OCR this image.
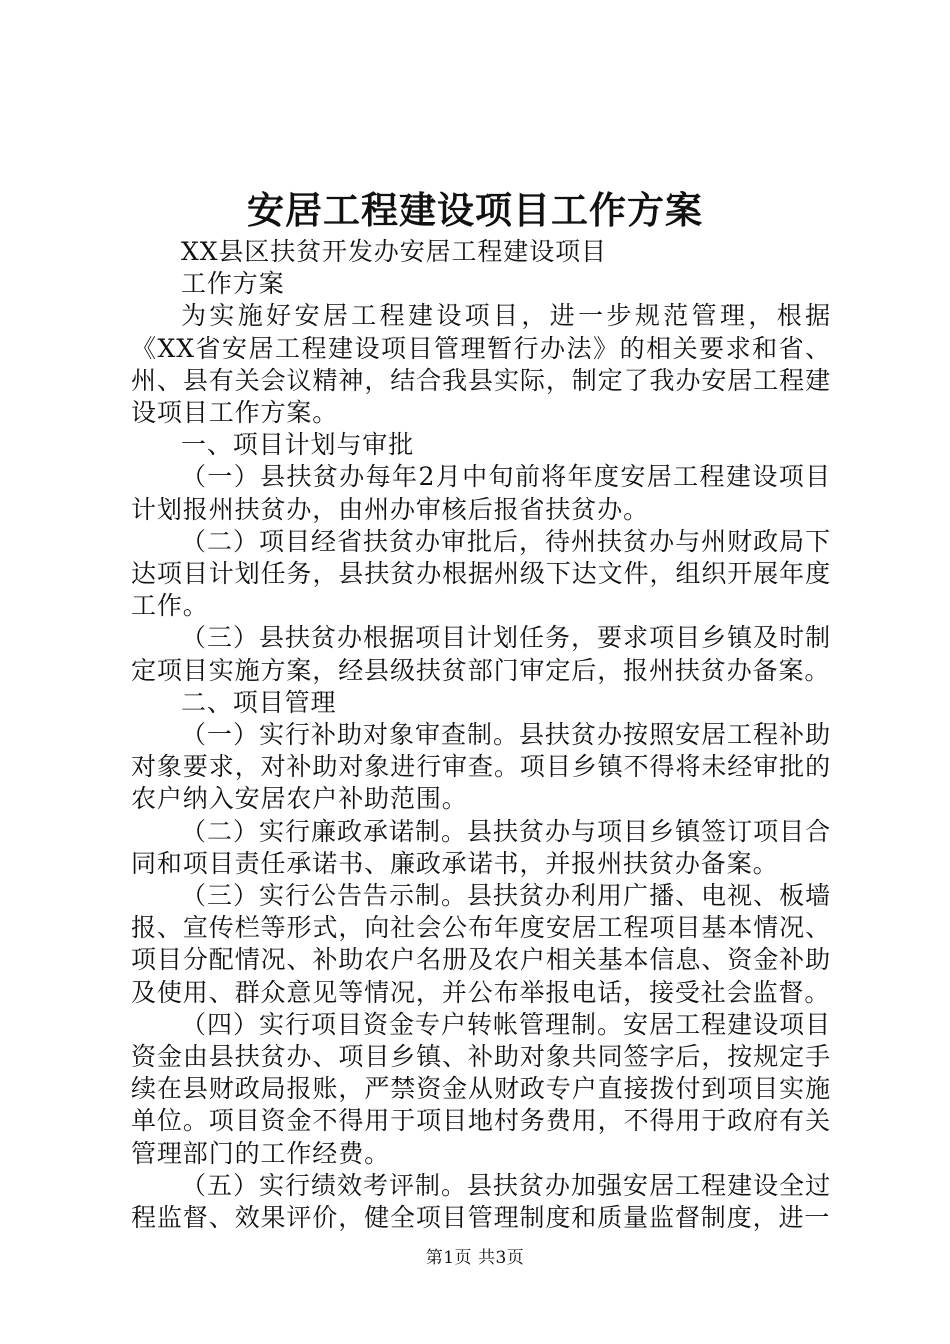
安居工程建设项目工作方案

XX县区扶贫开发办安居工程建设项目

工作方案

为实施好安居工程建设项目，进一步规范管理，根据《XX省安居工程建设项目管理暂行办法》的相关要求和省、州、县有关会议精神，结合我县实际，制定了我办安居工程建设项目工作方案。

一、项目计划与审批

（一）县扶贫办每年2月中旬前将年度安居工程建设项目计划报州扶贫办，由州办审核后报省扶贫办。

（二）项目经省扶贫办审批后，待州扶贫办与州财政局下达项目计划任务，县扶贫办根据州级下达文件，组织开展年度工作。

（三）县扶贫办根据项目计划任务，要求项目乡镇及时制定项目实施方案，经县级扶贫部门审定后，报州扶贫办备案。

二、项目管理

（一）实行补助对象审查制。县扶贫办按照安居工程补助对象要求，对补助对象进行审查。项目乡镇不得将未经审批的农户纳入安居农户补助范围。

（二）实行廉政承诺制。县扶贫办与项目乡镇签订项目合同和项目责任承诺书、廉政承诺书，并报州扶贫办备案。

（三）实行公告告示制。县扶贫办利用广播、电视、板墙报、宣传栏等形式，向社会公布年度安居工程项目基本情况、项目分配情况、补助农户名册及农户相关基本信息、资金补助及使用、群众意见等情况，并公布举报电话，接受社会监督。

（四）实行项目资金专户转帐管理制。安居工程建设项目资金由县扶贫办、项目乡镇、补助对象共同签字后，按规定手续在县财政局报账，严禁资金从财政专户直接拨付到项目实施单位。项目资金不得用于项目地村务费用，不得用于政府有关管理部门的工作经费。

（五）实行绩效考评制。县扶贫办加强安居工程建设全过程监督、效果评价，健全项目管理制度和质量监督制度，进一

第1页 共3页
